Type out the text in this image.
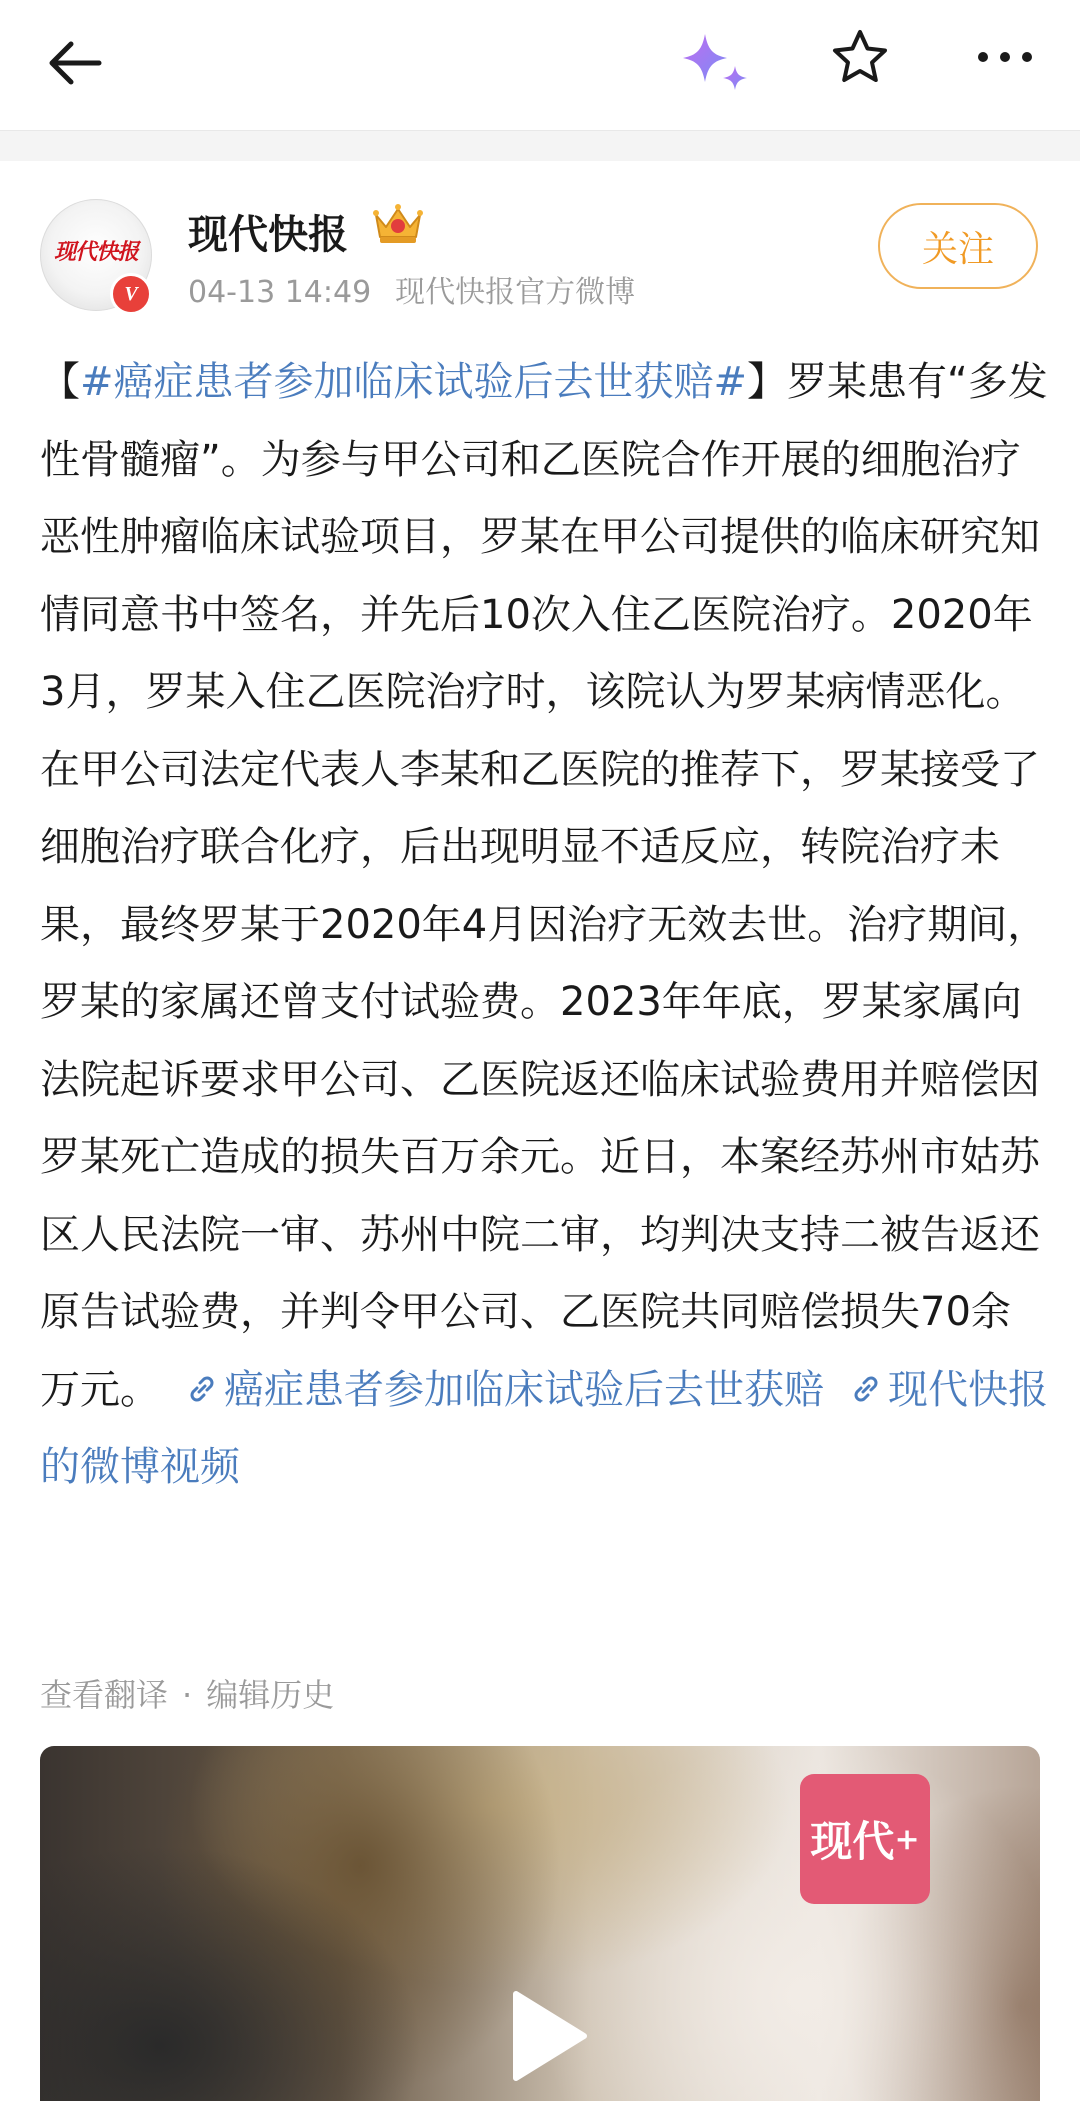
现代快报
V
现代快报
04-13 14:49 现代快报官方微博
关注
【#癌症患者参加临床试验后去世获赔#】罗某患有“多发性骨髓瘤”。为参与甲公司和乙医院合作开展的细胞治疗恶性肿瘤临床试验项目，罗某在甲公司提供的临床研究知情同意书中签名，并先后10次入住乙医院治疗。2020年3月，罗某入住乙医院治疗时，该院认为罗某病情恶化。在甲公司法定代表人李某和乙医院的推荐下，罗某接受了细胞治疗联合化疗，后出现明显不适反应，转院治疗未果，最终罗某于2020年4月因治疗无效去世。治疗期间，罗某的家属还曾支付试验费。2023年年底，罗某家属向法院起诉要求甲公司、乙医院返还临床试验费用并赔偿因罗某死亡造成的损失百万余元。近日，本案经苏州市姑苏区人民法院一审、苏州中院二审，均判决支持二被告返还原告试验费，并判令甲公司、乙医院共同赔偿损失70余万元。 癌症患者参加临床试验后去世获赔 现代快报的微博视频
查看翻译 · 编辑历史
现代 +
